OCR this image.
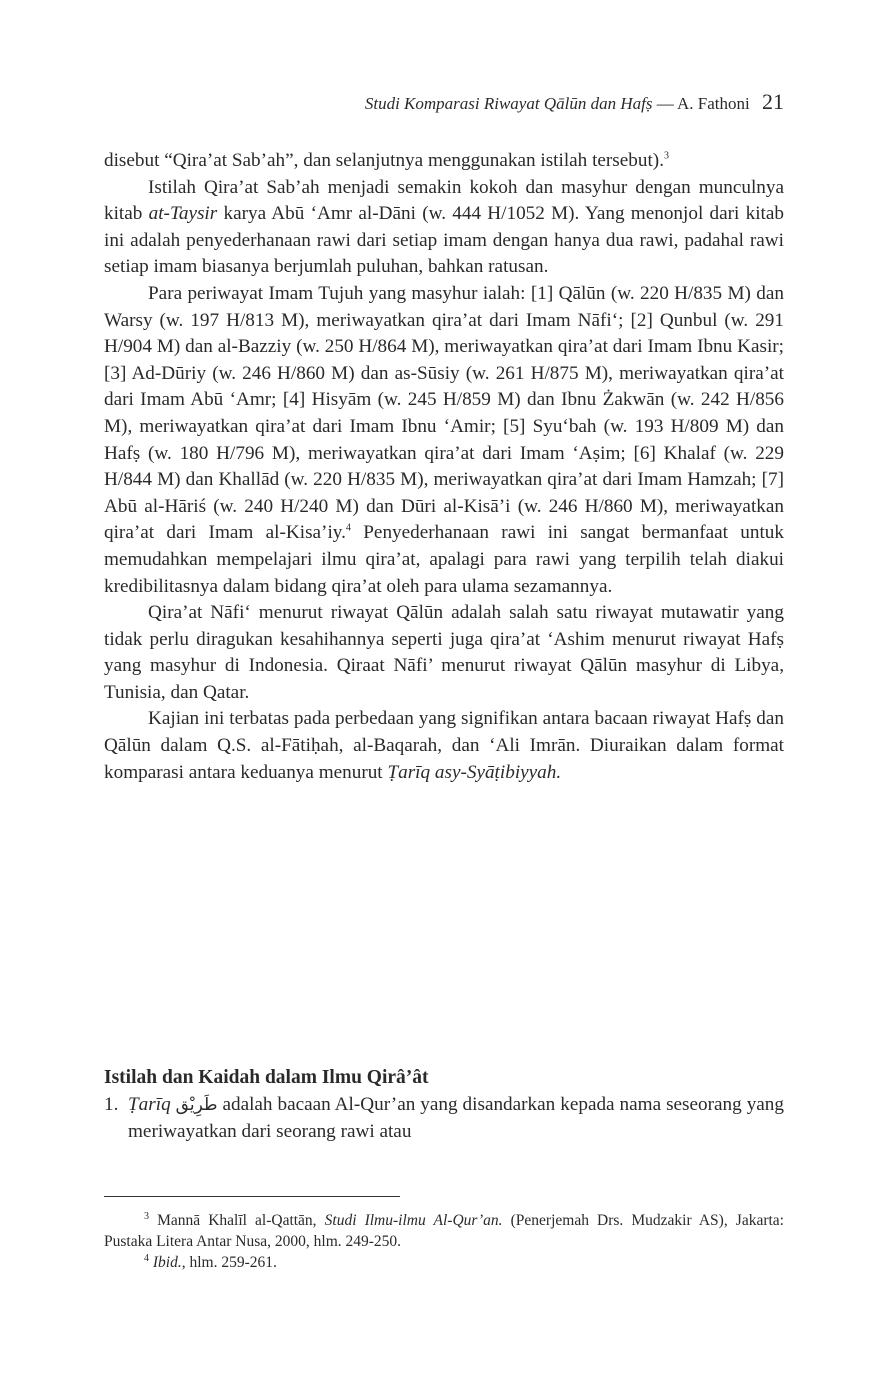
Studi Komparasi Riwayat Qālūn dan Hafṣ — A. Fathoni 21

disebut “Qira’at Sab’ah”, dan selanjutnya menggunakan istilah tersebut).$^3$

Istilah Qira’at Sab’ah menjadi semakin kokoh dan masyhur dengan munculnya kitab at-Taysir karya Abū ‘Amr al-Dāni (w. 444 H/1052 M). Yang menonjol dari kitab ini adalah penyederhanaan rawi dari setiap imam dengan hanya dua rawi, padahal rawi setiap imam biasanya berjumlah puluhan, bahkan ratusan.

Para periwayat Imam Tujuh yang masyhur ialah: [1] Qālūn (w. 220 H/835 M) dan Warsy (w. 197 H/813 M), meriwayatkan qira’at dari Imam Nāfi‘; [2] Qunbul (w. 291 H/904 M) dan al-Bazziy (w. 250 H/864 M), meriwayatkan qira’at dari Imam Ibnu Kasir; [3] Ad-Dūriy (w. 246 H/860 M) dan as-Sūsiy (w. 261 H/875 M), meriwayatkan qira’at dari Imam Abū ‘Amr; [4] Hisyām (w. 245 H/859 M) dan Ibnu Żakwān (w. 242 H/856 M), meriwayatkan qira’at dari Imam Ibnu ‘Amir; [5] Syu‘bah (w. 193 H/809 M) dan Hafṣ (w. 180 H/796 M), meriwayatkan qira’at dari Imam ‘Aṣim; [6] Khalaf (w. 229 H/844 M) dan Khallād (w. 220 H/835 M), meriwayatkan qira’at dari Imam Hamzah; [7] Abū al-Hāriś (w. 240 H/240 M) dan Dūri al-Kisā’i (w. 246 H/860 M), meriwayatkan qira’at dari Imam al-Kisa’iy.$^4$ Penyederhanaan rawi ini sangat bermanfaat untuk memudahkan mempelajari ilmu qira’at, apalagi para rawi yang terpilih telah diakui kredibilitasnya dalam bidang qira’at oleh para ulama sezamannya.

Qira’at Nāfi‘ menurut riwayat Qālūn adalah salah satu riwayat mutawatir yang tidak perlu diragukan kesahihannya seperti juga qira’at ‘Ashim menurut riwayat Hafṣ yang masyhur di Indonesia. Qiraat Nāfi’ menurut riwayat Qālūn masyhur di Libya, Tunisia, dan Qatar.

Kajian ini terbatas pada perbedaan yang signifikan antara bacaan riwayat Hafṣ dan Qālūn dalam Q.S. al-Fātiḥah, al-Baqarah, dan ‘Ali Imrān. Diuraikan dalam format komparasi antara keduanya menurut Ṭarīq asy-Syāṭibiyyah.

Istilah dan Kaidah dalam Ilmu Qirâ’ât
1. Ṭarīq طَرِيْق adalah bacaan Al-Qur’an yang disandarkan kepada nama seseorang yang meriwayatkan dari seorang rawi atau

$^3$ Mannā Khalīl al-Qattān, Studi Ilmu-ilmu Al-Qur’an. (Penerjemah Drs. Mudzakir AS), Jakarta: Pustaka Litera Antar Nusa, 2000, hlm. 249-250.

$^4$ Ibid., hlm. 259-261.
